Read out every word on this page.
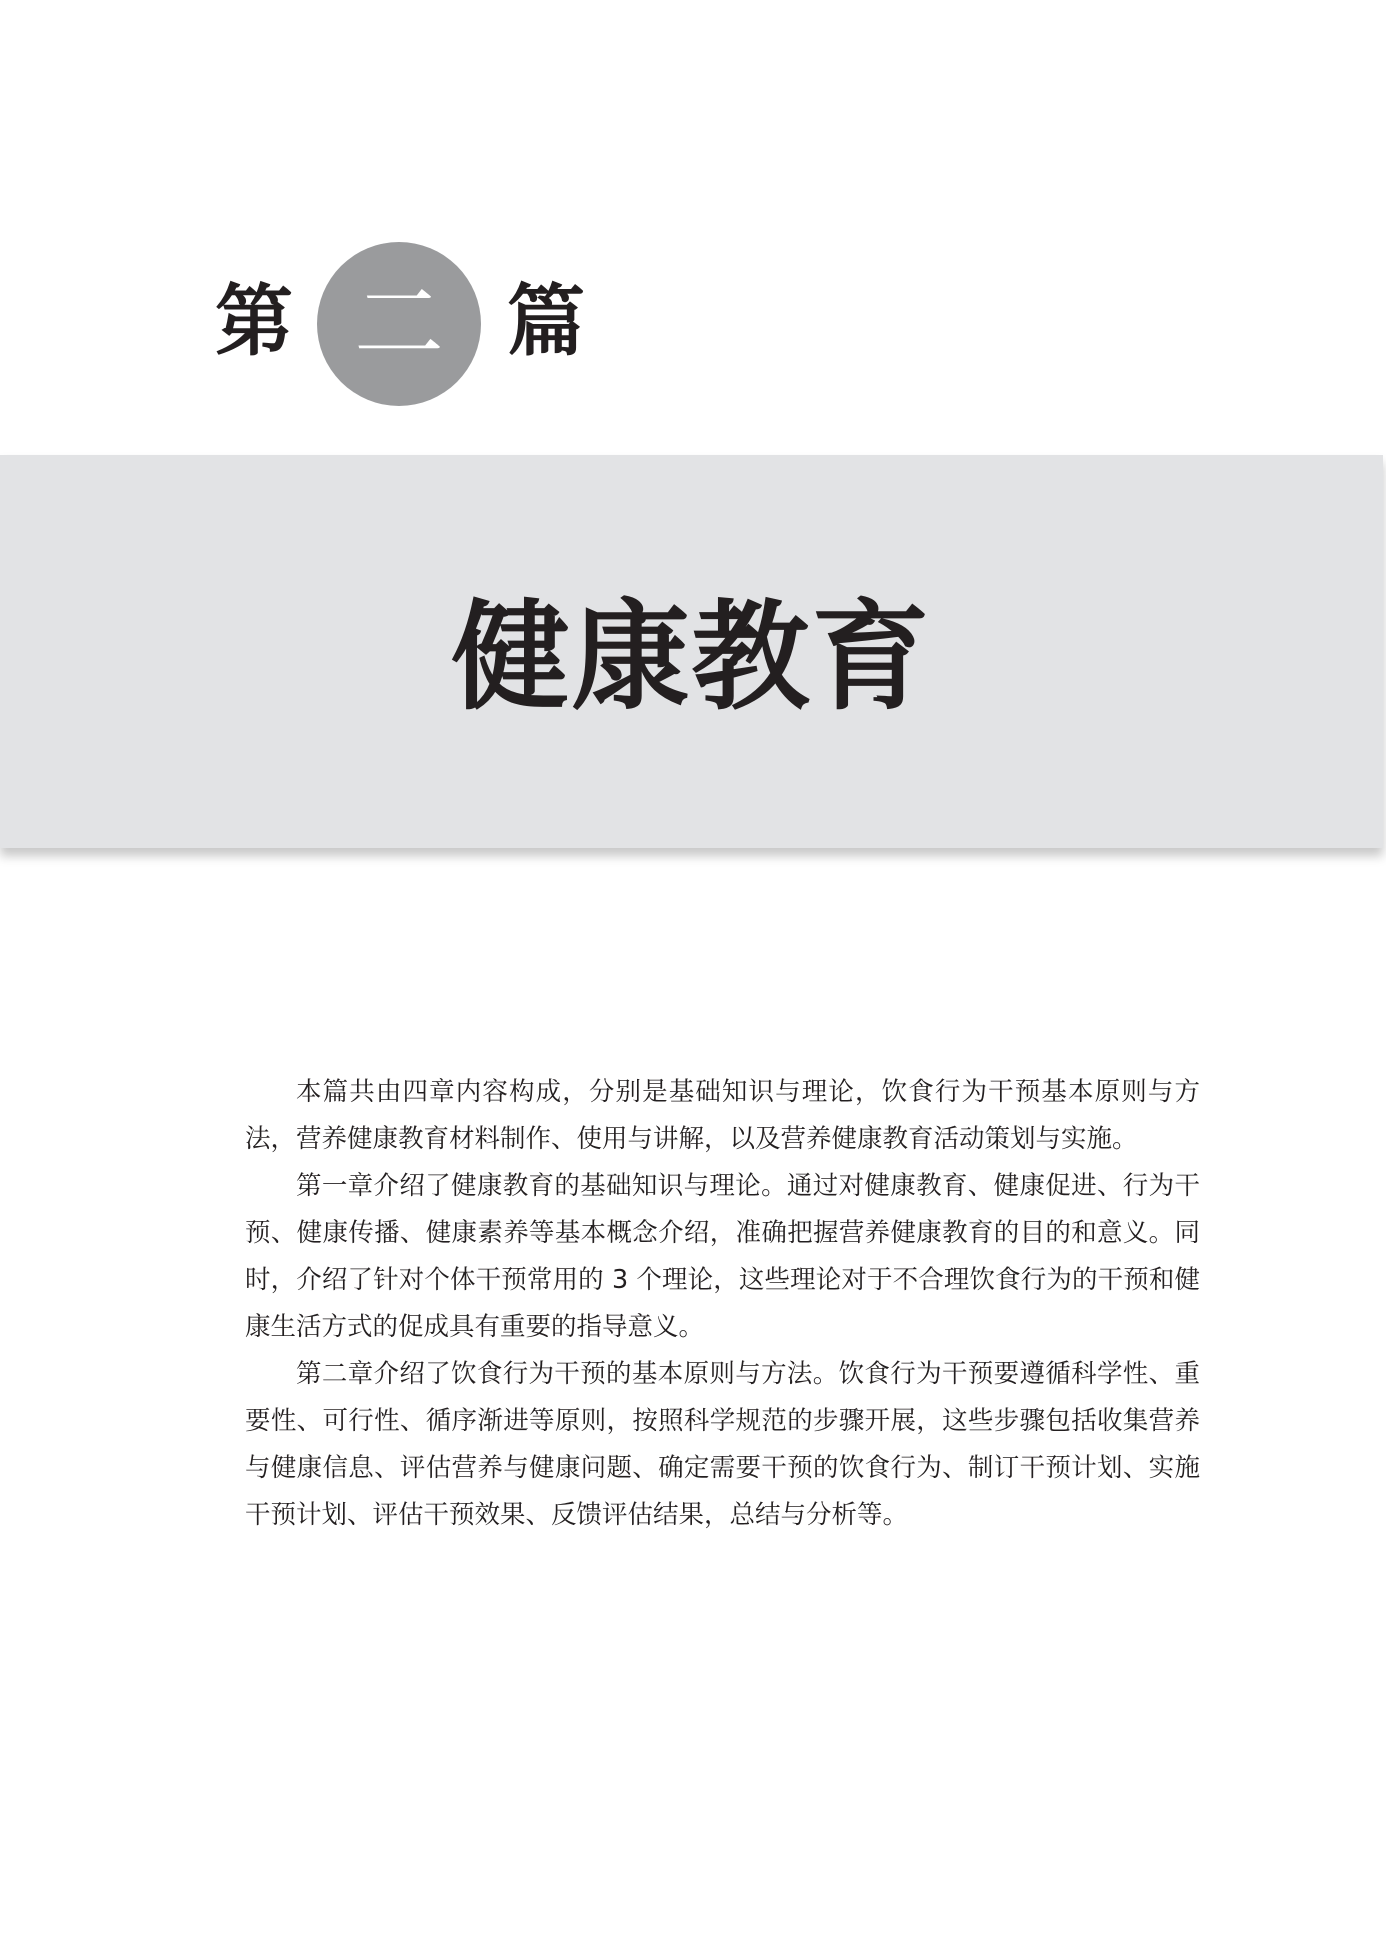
第 二 篇
健康教育

本篇共由四章内容构成，分别是基础知识与理论，饮食行为干预基本原则与方法，营养健康教育材料制作、使用与讲解，以及营养健康教育活动策划与实施。

第一章介绍了健康教育的基础知识与理论。通过对健康教育、健康促进、行为干预、健康传播、健康素养等基本概念介绍，准确把握营养健康教育的目的和意义。同时，介绍了针对个体干预常用的 3 个理论，这些理论对于不合理饮食行为的干预和健康生活方式的促成具有重要的指导意义。

第二章介绍了饮食行为干预的基本原则与方法。饮食行为干预要遵循科学性、重要性、可行性、循序渐进等原则，按照科学规范的步骤开展，这些步骤包括收集营养与健康信息、评估营养与健康问题、确定需要干预的饮食行为、制订干预计划、实施干预计划、评估干预效果、反馈评估结果，总结与分析等。
